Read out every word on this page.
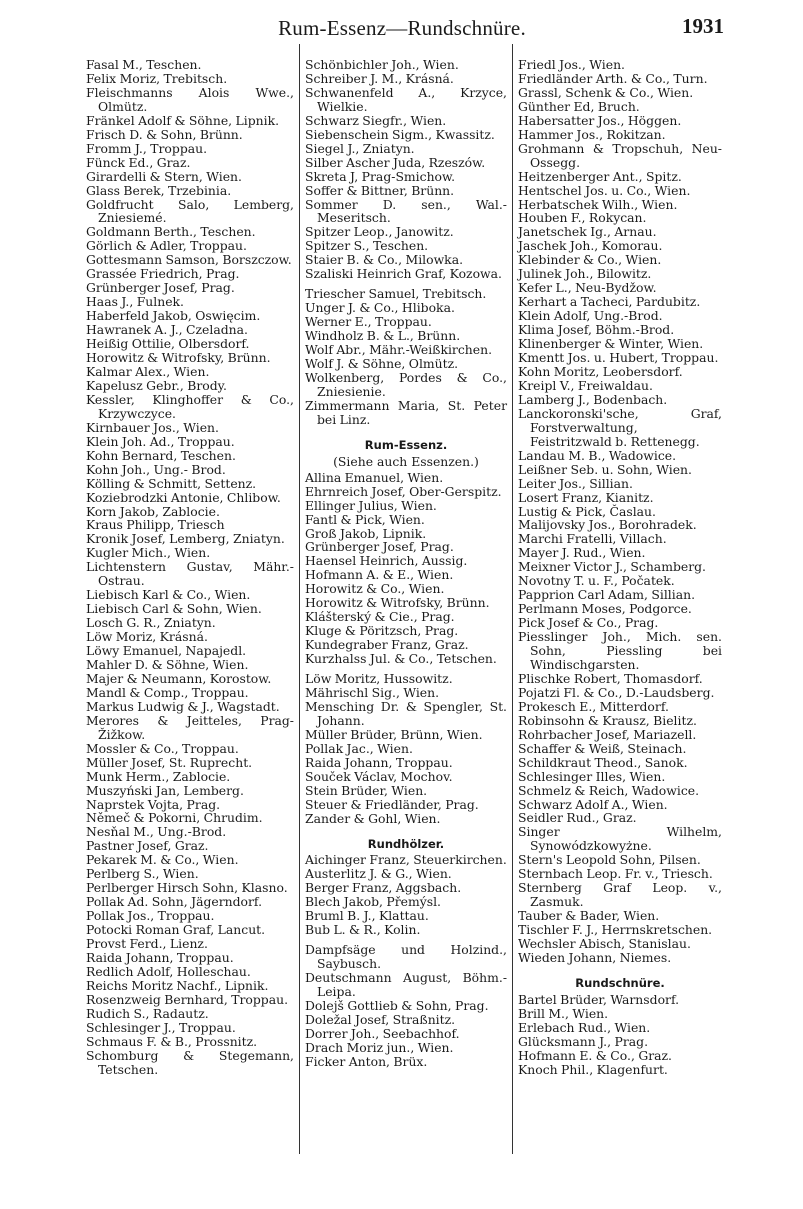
Rum-Essenz—Rundschnüre.	1931
Fasal M., Teschen.
Felix Moriz, Trebitsch.
Fleischmanns Alois Wwe., Olmütz.
Fränkel Adolf & Söhne, Lipnik.
Frisch D. & Sohn, Brünn.
Fromm J., Troppau.
Fünck Ed., Graz.
Girardelli & Stern, Wien.
Glass Berek, Trzebinia.
Goldfrucht Salo, Lemberg, Zniesiemé.
Goldmann Berth., Teschen.
Görlich & Adler, Troppau.
Gottesmann Samson, Borszczow.
Grassée Friedrich, Prag.
Grünberger Josef, Prag.
Haas J., Fulnek.
Haberfeld Jakob, Oswięcim.
Hawranek A. J., Czeladna.
Heißig Ottilie, Olbersdorf.
Horowitz & Witrofsky, Brünn.
Kalmar Alex., Wien.
Kapelusz Gebr., Brody.
Kessler, Klinghoffer & Co., Krzywczyce.
Kirnbauer Jos., Wien.
Klein Joh. Ad., Troppau.
Kohn Bernard, Teschen.
Kohn Joh., Ung.- Brod.
Kölling & Schmitt, Settenz.
Koziebrodzki Antonie, Chlibow.
Korn Jakob, Zablocie.
Kraus Philipp, Triesch
Kronik Josef, Lemberg, Zniatyn.
Kugler Mich., Wien.
Lichtenstern Gustav, Mähr.-Ostrau.
Liebisch Karl & Co., Wien.
Liebisch Carl & Sohn, Wien.
Losch G. R., Zniatyn.
Löw Moriz, Krásná.
Löwy Emanuel, Napajedl.
Mahler D. & Söhne, Wien.
Majer & Neumann, Korostow.
Mandl & Comp., Troppau.
Markus Ludwig & J., Wagstadt.
Merores & Jeitteles, Prag-Žižkow.
Mossler & Co., Troppau.
Müller Josef, St. Ruprecht.
Munk Herm., Zablocie.
Muszyński Jan, Lemberg.
Naprstek Vojta, Prag.
Němeč & Pokorni, Chrudim.
Nesňal M., Ung.-Brod.
Pastner Josef, Graz.
Pekarek M. & Co., Wien.
Perlberg S., Wien.
Perlberger Hirsch Sohn, Klasno.
Pollak Ad. Sohn, Jägerndorf.
Pollak Jos., Troppau.
Potocki Roman Graf, Lancut.
Provst Ferd., Lienz.
Raida Johann, Troppau.
Redlich Adolf, Holleschau.
Reichs Moritz Nachf., Lipnik.
Rosenzweig Bernhard, Troppau.
Rudich S., Radautz.
Schlesinger J., Troppau.
Schmaus F. & B., Prossnitz.
Schomburg & Stegemann, Tetschen.
Schönbichler Joh., Wien.
Schreiber J. M., Krásná.
Schwanenfeld A., Krzyce, Wielkie.
Schwarz Siegfr., Wien.
Siebenschein Sigm., Kwassitz.
Siegel J., Zniatyn.
Silber Ascher Juda, Rzeszów.
Skreta J, Prag-Smichow.
Soffer & Bittner, Brünn.
Sommer D. sen., Wal.-Meseritsch.
Spitzer Leop., Janowitz.
Spitzer S., Teschen.
Staier B. & Co., Milowka.
Szaliski Heinrich Graf, Kozowa.
Triescher Samuel, Trebitsch.
Unger J. & Co., Hliboka.
Werner E., Troppau.
Windholz B. & L., Brünn.
Wolf Abr., Mähr.-Weißkirchen.
Wolf J. & Söhne, Olmütz.
Wolkenberg, Pordes & Co., Zniesienie.
Zimmermann Maria, St. Peter bei Linz.
Rum-Essenz.
(Siehe auch Essenzen.)
Allina Emanuel, Wien.
Ehrnreich Josef, Ober-Gerspitz.
Ellinger Julius, Wien.
Fantl & Pick, Wien.
Groß Jakob, Lipnik.
Grünberger Josef, Prag.
Haensel Heinrich, Aussig.
Hofmann A. & E., Wien.
Horowitz & Co., Wien.
Horowitz & Witrofsky, Brünn.
Klášterský & Cie., Prag.
Kluge & Pöritzsch, Prag.
Kundegraber Franz, Graz.
Kurzhalss Jul. & Co., Tetschen.
Löw Moritz, Hussowitz.
Mährischl Sig., Wien.
Mensching Dr. & Spengler, St. Johann.
Müller Brüder, Brünn, Wien.
Pollak Jac., Wien.
Raida Johann, Troppau.
Souček Václav, Mochov.
Stein Brüder, Wien.
Steuer & Friedländer, Prag.
Zander & Gohl, Wien.
Rundhölzer.
Aichinger Franz, Steuerkirchen.
Austerlitz J. & G., Wien.
Berger Franz, Aggsbach.
Blech Jakob, Přemýsl.
Bruml B. J., Klattau.
Bub L. & R., Kolin.
Dampfsäge und Holzind., Saybusch.
Deutschmann August, Böhm.-Leipa.
Dolejš Gottlieb & Sohn, Prag.
Doležal Josef, Straßnitz.
Dorrer Joh., Seebachhof.
Drach Moriz jun., Wien.
Ficker Anton, Brüx.
Friedl Jos., Wien.
Friedländer Arth. & Co., Turn.
Grassl, Schenk & Co., Wien.
Günther Ed, Bruch.
Habersatter Jos., Höggen.
Hammer Jos., Rokitzan.
Grohmann & Tropschuh, Neu-Ossegg.
Heitzenberger Ant., Spitz.
Hentschel Jos. u. Co., Wien.
Herbatschek Wilh., Wien.
Houben F., Rokycan.
Janetschek Ig., Arnau.
Jaschek Joh., Komorau.
Klebinder & Co., Wien.
Julinek Joh., Bilowitz.
Kefer L., Neu-Bydžow.
Kerhart a Tacheci, Pardubitz.
Klein Adolf, Ung.-Brod.
Klima Josef, Böhm.-Brod.
Klinenberger & Winter, Wien.
Kmentt Jos. u. Hubert, Troppau.
Kohn Moritz, Leobersdorf.
Kreipl V., Freiwaldau.
Lamberg J., Bodenbach.
Lanckoronski'sche, Graf, Forstverwaltung, Feistritzwald b. Rettenegg.
Landau M. B., Wadowice.
Leißner Seb. u. Sohn, Wien.
Leiter Jos., Sillian.
Losert Franz, Kianitz.
Lustig & Pick, Časlau.
Malijovsky Jos., Borohradek.
Marchi Fratelli, Villach.
Mayer J. Rud., Wien.
Meixner Victor J., Schamberg.
Novotny T. u. F., Počatek.
Papprion Carl Adam, Sillian.
Perlmann Moses, Podgorce.
Pick Josef & Co., Prag.
Piesslinger Joh., Mich. sen. Sohn, Piessling bei Windischgarsten.
Plischke Robert, Thomasdorf.
Pojatzi Fl. & Co., D.-Laudsberg.
Prokesch E., Mitterdorf.
Robinsohn & Krausz, Bielitz.
Rohrbacher Josef, Mariazell.
Schaffer & Weiß, Steinach.
Schildkraut Theod., Sanok.
Schlesinger Illes, Wien.
Schmelz & Reich, Wadowice.
Schwarz Adolf A., Wien.
Seidler Rud., Graz.
Singer Wilhelm, Synowódzkowyżne.
Stern's Leopold Sohn, Pilsen.
Sternbach Leop. Fr. v., Triesch.
Sternberg Graf Leop. v., Zasmuk.
Tauber & Bader, Wien.
Tischler F. J., Herrnskretschen.
Wechsler Abisch, Stanislau.
Wieden Johann, Niemes.
Rundschnüre.
Bartel Brüder, Warnsdorf.
Brill M., Wien.
Erlebach Rud., Wien.
Glücksmann J., Prag.
Hofmann E. & Co., Graz.
Knoch Phil., Klagenfurt.
